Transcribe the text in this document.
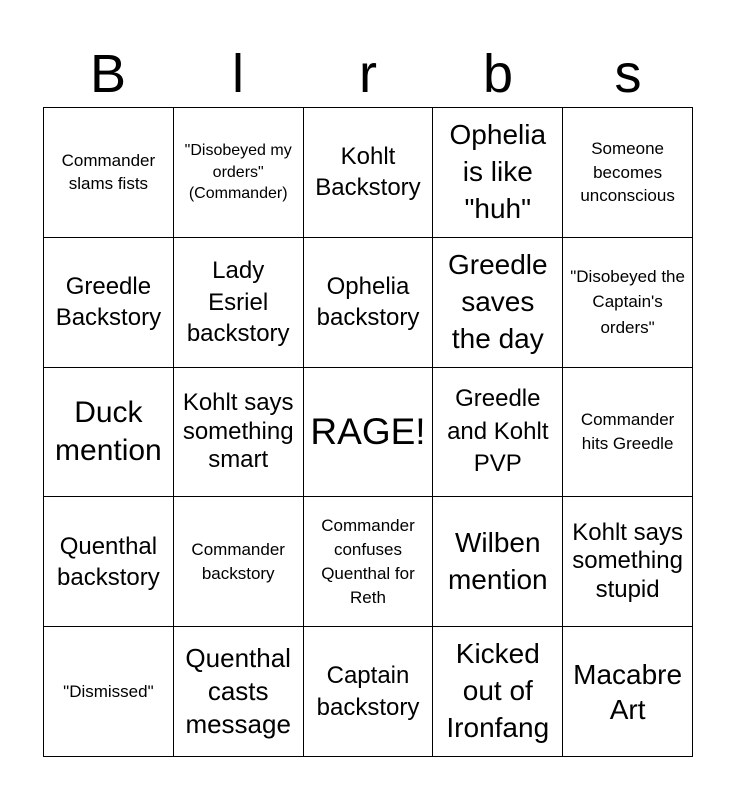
B	l	r	b	s
Commander slams fists
"Disobeyed my orders" (Commander)
Kohlt Backstory
Ophelia is like "huh"
Someone becomes unconscious
Greedle Backstory
Lady Esriel backstory
Ophelia backstory
Greedle saves the day
"Disobeyed the Captain's orders"
Duck mention
Kohlt says something smart
RAGE!
Greedle and Kohlt PVP
Commander hits Greedle
Quenthal backstory
Commander backstory
Commander confuses Quenthal for Reth
Wilben mention
Kohlt says something stupid
"Dismissed"
Quenthal casts message
Captain backstory
Kicked out of Ironfang
Macabre Art
